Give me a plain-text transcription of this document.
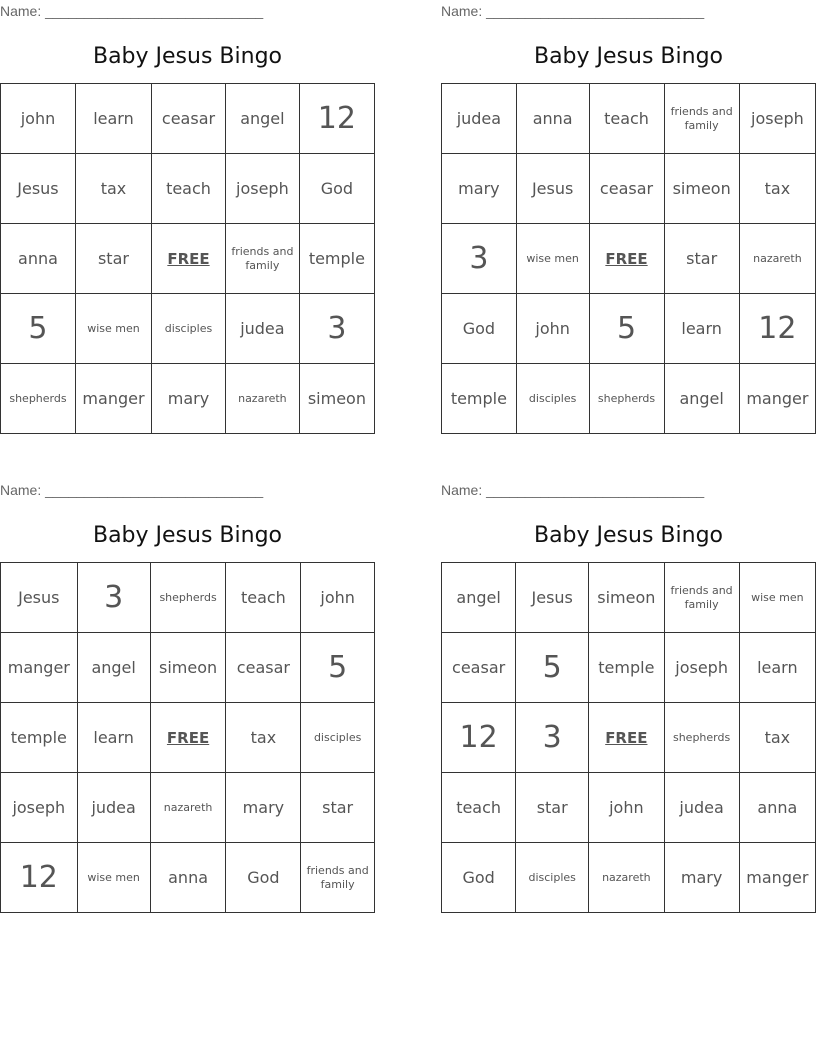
Name: ____________________________
Baby Jesus Bingo
john	learn	ceasar	angel	12
Jesus	tax	teach	joseph	God
anna	star	FREE	friends and family	temple
5	wise men	disciples	judea	3
shepherds	manger	mary	nazareth	simeon
Name: ____________________________
Baby Jesus Bingo
judea	anna	teach	friends and family	joseph
mary	Jesus	ceasar	simeon	tax
3	wise men	FREE	star	nazareth
God	john	5	learn	12
temple	disciples	shepherds	angel	manger
Name: ____________________________
Baby Jesus Bingo
Jesus	3	shepherds	teach	john
manger	angel	simeon	ceasar	5
temple	learn	FREE	tax	disciples
joseph	judea	nazareth	mary	star
12	wise men	anna	God	friends and family
Name: ____________________________
Baby Jesus Bingo
angel	Jesus	simeon	friends and family	wise men
ceasar	5	temple	joseph	learn
12	3	FREE	shepherds	tax
teach	star	john	judea	anna
God	disciples	nazareth	mary	manger
